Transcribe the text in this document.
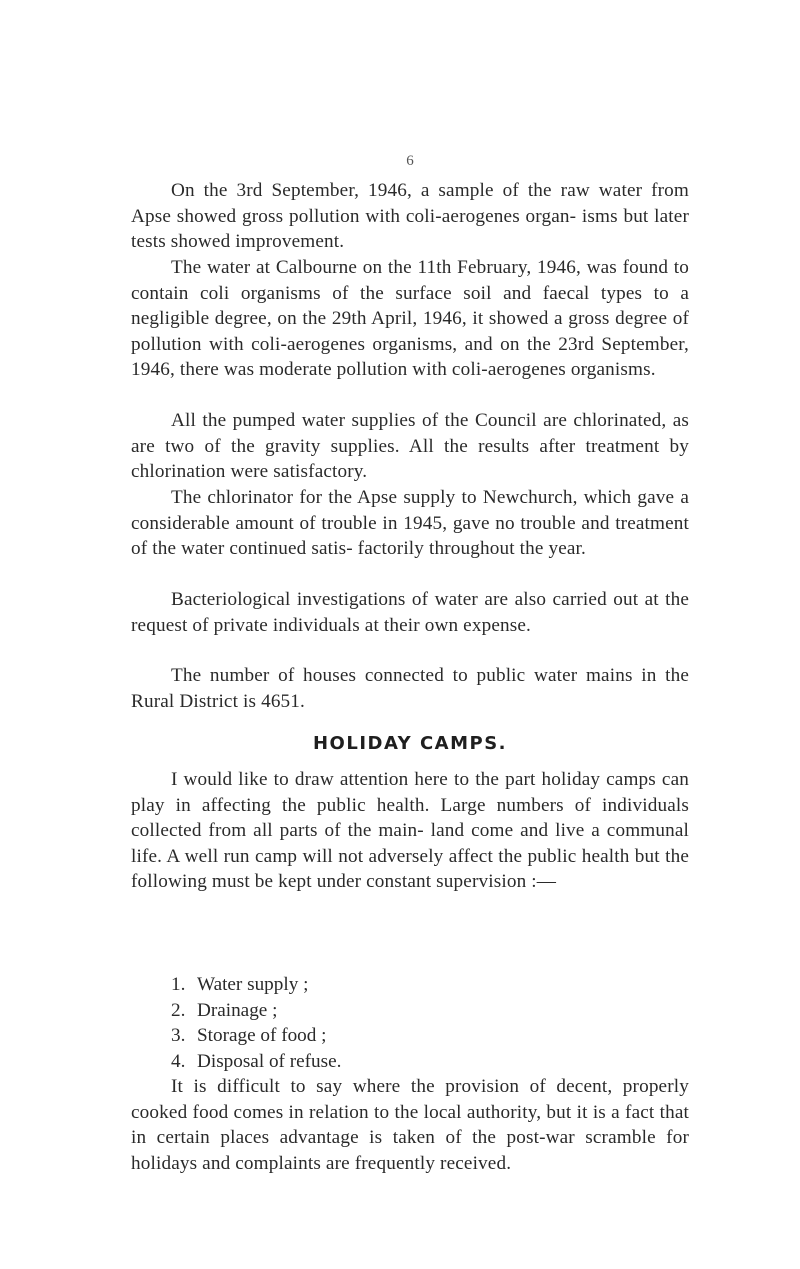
6

On the 3rd September, 1946, a sample of the raw water from Apse showed gross pollution with coli-aerogenes organ- isms but later tests showed improvement.

The water at Calbourne on the 11th February, 1946, was found to contain coli organisms of the surface soil and faecal types to a negligible degree, on the 29th April, 1946, it showed a gross degree of pollution with coli-aerogenes organisms, and on the 23rd September, 1946, there was moderate pollution with coli-aerogenes organisms.

All the pumped water supplies of the Council are chlorinated, as are two of the gravity supplies. All the results after treatment by chlorination were satisfactory.

The chlorinator for the Apse supply to Newchurch, which gave a considerable amount of trouble in 1945, gave no trouble and treatment of the water continued satis- factorily throughout the year.

Bacteriological investigations of water are also carried out at the request of private individuals at their own expense.

The number of houses connected to public water mains in the Rural District is 4651.

HOLIDAY CAMPS.

I would like to draw attention here to the part holiday camps can play in affecting the public health. Large numbers of individuals collected from all parts of the main- land come and live a communal life. A well run camp will not adversely affect the public health but the following must be kept under constant supervision :—

1. Water supply ;
2. Drainage ;
3. Storage of food ;
4. Disposal of refuse.

It is difficult to say where the provision of decent, properly cooked food comes in relation to the local authority, but it is a fact that in certain places advantage is taken of the post-war scramble for holidays and complaints are frequently received.
